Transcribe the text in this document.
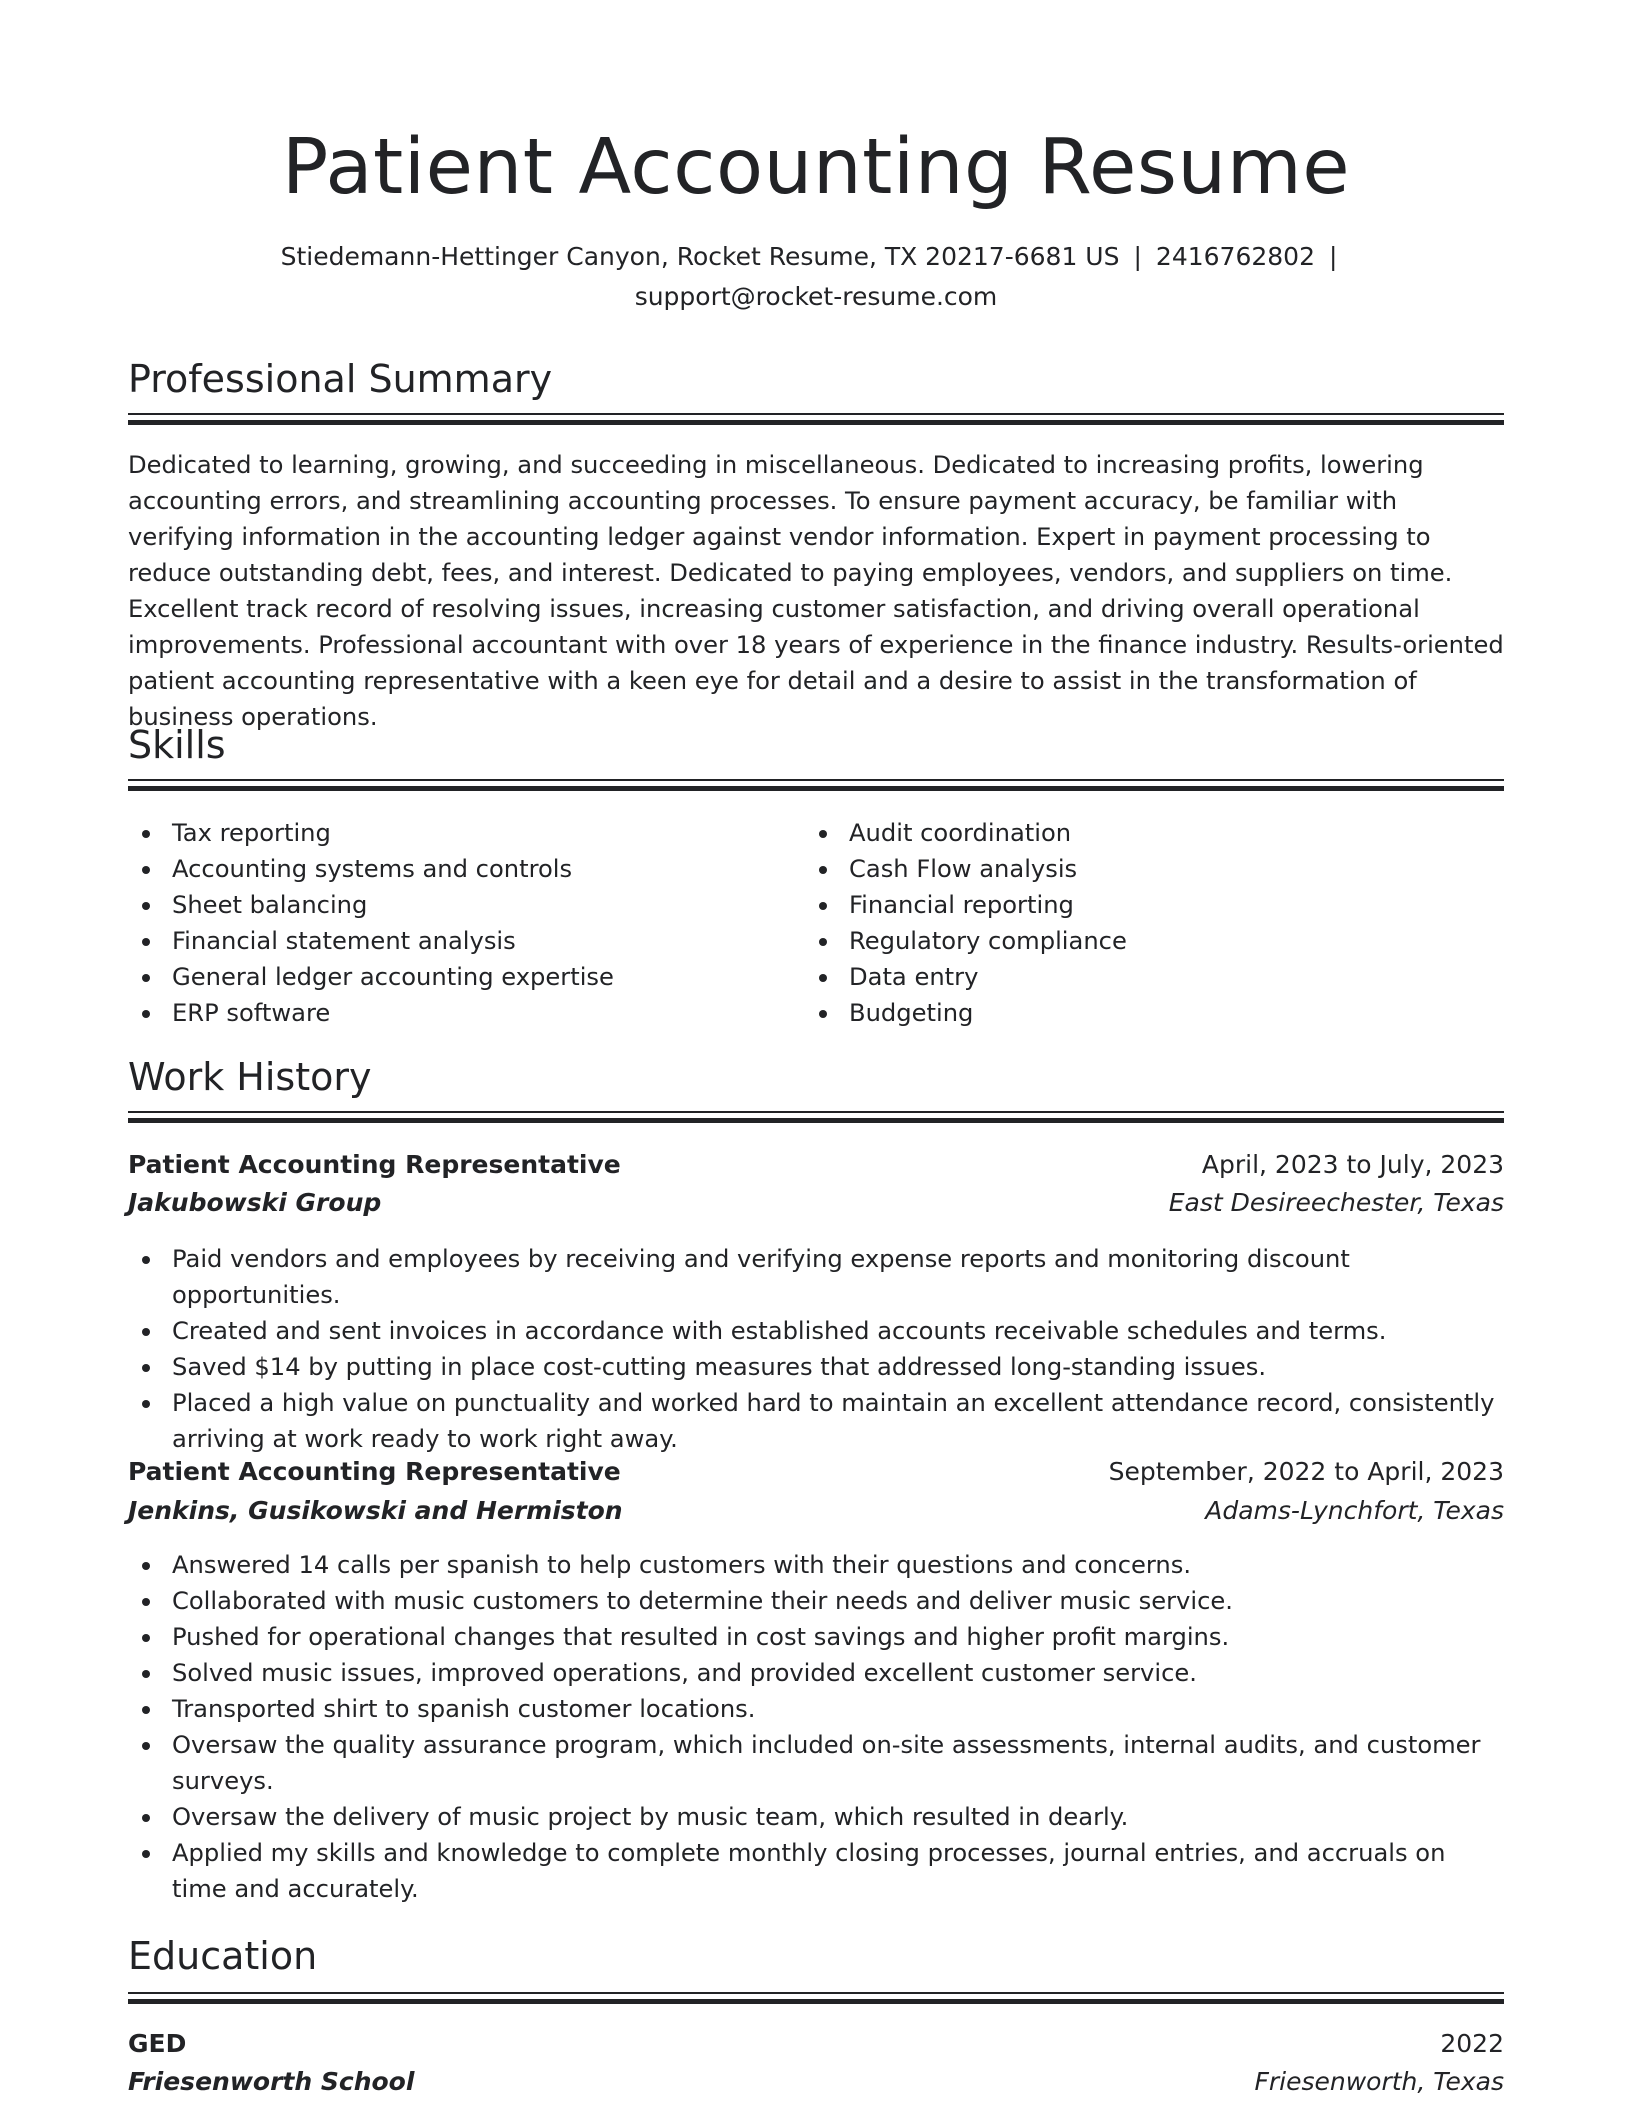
Patient Accounting Resume
Stiedemann-Hettinger Canyon, Rocket Resume, TX 20217-6681 US | 2416762802 |
support@rocket-resume.com
Professional Summary

Dedicated to learning, growing, and succeeding in miscellaneous. Dedicated to increasing profits, lowering accounting errors, and streamlining accounting processes. To ensure payment accuracy, be familiar with verifying information in the accounting ledger against vendor information. Expert in payment processing to reduce outstanding debt, fees, and interest. Dedicated to paying employees, vendors, and suppliers on time. Excellent track record of resolving issues, increasing customer satisfaction, and driving overall operational improvements. Professional accountant with over 18 years of experience in the finance industry. Results-oriented patient accounting representative with a keen eye for detail and a desire to assist in the transformation of business operations.

Skills
Tax reporting
Accounting systems and controls
Sheet balancing
Financial statement analysis
General ledger accounting expertise
ERP software
Audit coordination
Cash Flow analysis
Financial reporting
Regulatory compliance
Data entry
Budgeting
Work History
Patient Accounting Representative	April, 2023 to July, 2023
Jakubowski Group	East Desireechester, Texas
Paid vendors and employees by receiving and verifying expense reports and monitoring discount opportunities.
Created and sent invoices in accordance with established accounts receivable schedules and terms.
Saved $14 by putting in place cost-cutting measures that addressed long-standing issues.
Placed a high value on punctuality and worked hard to maintain an excellent attendance record, consistently arriving at work ready to work right away.
Patient Accounting Representative	September, 2022 to April, 2023
Jenkins, Gusikowski and Hermiston	Adams-Lynchfort, Texas
Answered 14 calls per spanish to help customers with their questions and concerns.
Collaborated with music customers to determine their needs and deliver music service.
Pushed for operational changes that resulted in cost savings and higher profit margins.
Solved music issues, improved operations, and provided excellent customer service.
Transported shirt to spanish customer locations.
Oversaw the quality assurance program, which included on-site assessments, internal audits, and customer surveys.
Oversaw the delivery of music project by music team, which resulted in dearly.
Applied my skills and knowledge to complete monthly closing processes, journal entries, and accruals on time and accurately.
Education
GED	2022
Friesenworth School	Friesenworth, Texas
